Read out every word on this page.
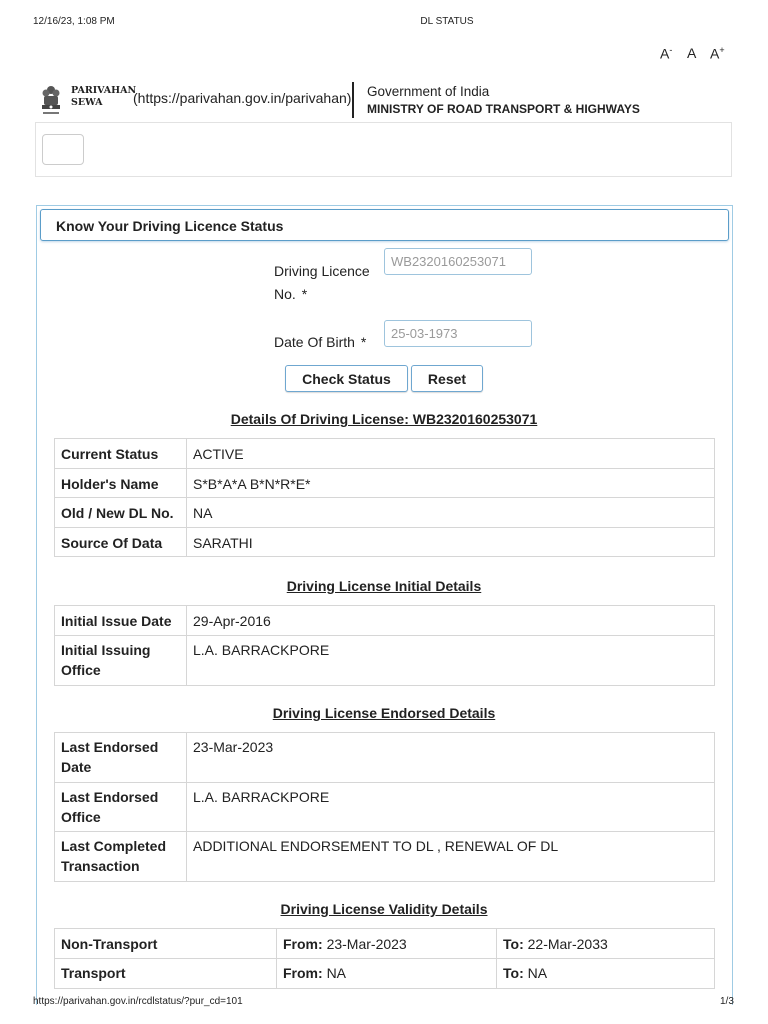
12/16/23, 1:08 PM	DL STATUS
A- A A+
PARIVAHAN
SEWA	(https://parivahan.gov.in/parivahan) Government of India
MINISTRY OF ROAD TRANSPORT & HIGHWAYS
Know Your Driving Licence Status
Driving Licence
No. *
WB2320160253071
Date Of Birth *
25-03-1973
Check Status	Reset
Details Of Driving License: WB2320160253071
Current Status	ACTIVE
Holder's Name	S*B*A*A B*N*R*E*
Old / New DL No.	NA
Source Of Data	SARATHI
Driving License Initial Details
Initial Issue Date	29-Apr-2016
Initial Issuing Office	L.A. BARRACKPORE
Driving License Endorsed Details
Last Endorsed Date	23-Mar-2023
Last Endorsed Office	L.A. BARRACKPORE
Last Completed Transaction	ADDITIONAL ENDORSEMENT TO DL , RENEWAL OF DL
Driving License Validity Details
Non-Transport	From: 23-Mar-2023	To: 22-Mar-2033
Transport	From: NA	To: NA
https://parivahan.gov.in/rcdlstatus/?pur_cd=101	1/3
